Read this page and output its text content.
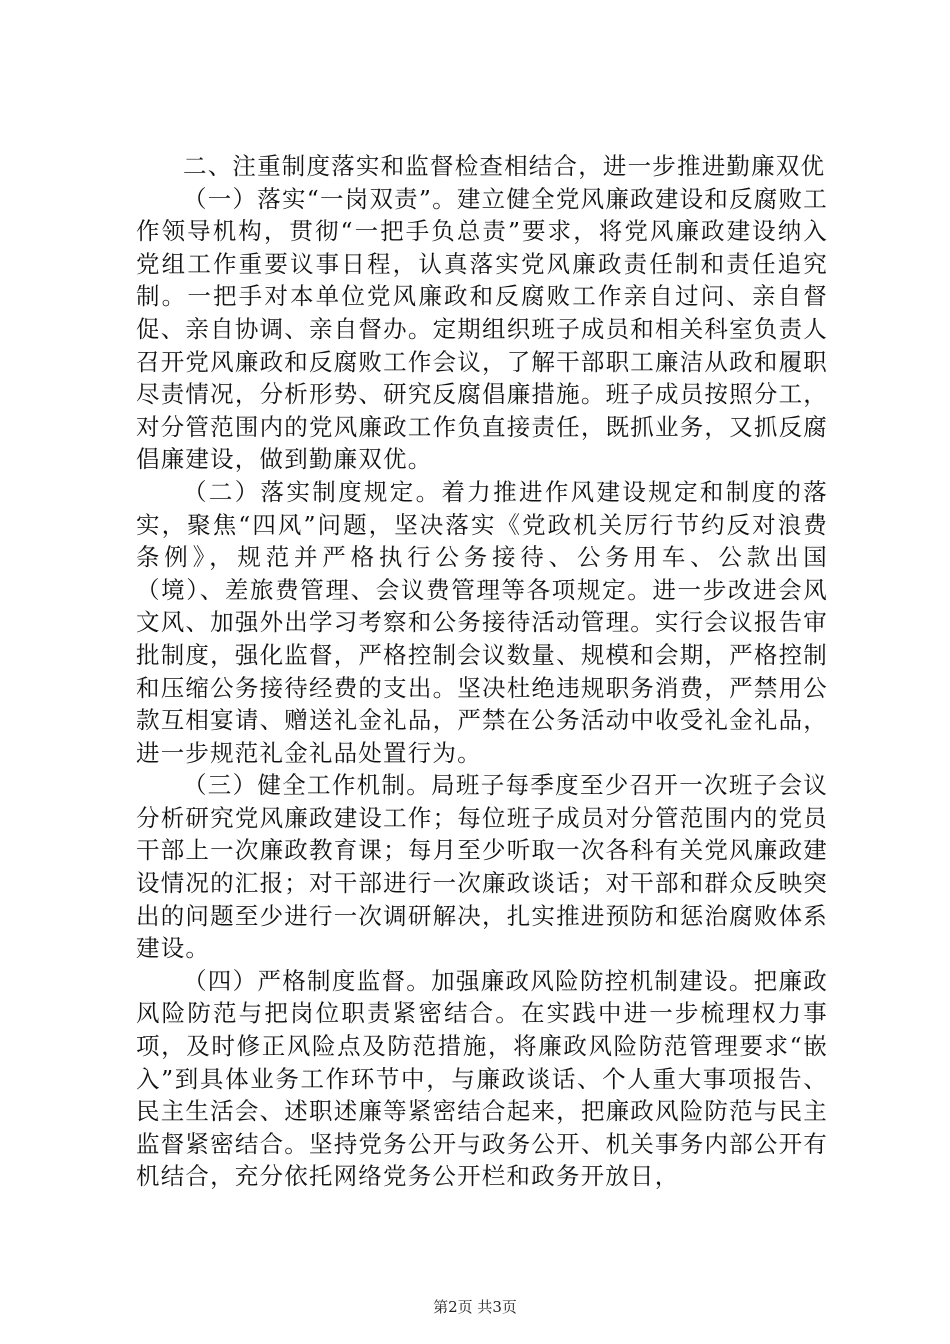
二、注重制度落实和监督检查相结合，进一步推进勤廉双优

（一）落实“一岗双责”。建立健全党风廉政建设和反腐败工作领导机构，贯彻“一把手负总责”要求，将党风廉政建设纳入党组工作重要议事日程，认真落实党风廉政责任制和责任追究制。一把手对本单位党风廉政和反腐败工作亲自过问、亲自督促、亲自协调、亲自督办。定期组织班子成员和相关科室负责人召开党风廉政和反腐败工作会议，了解干部职工廉洁从政和履职尽责情况，分析形势、研究反腐倡廉措施。班子成员按照分工，对分管范围内的党风廉政工作负直接责任，既抓业务，又抓反腐倡廉建设，做到勤廉双优。

（二）落实制度规定。着力推进作风建设规定和制度的落实，聚焦“四风”问题，坚决落实《党政机关厉行节约反对浪费条例》，规范并严格执行公务接待、公务用车、公款出国（境）、差旅费管理、会议费管理等各项规定。进一步改进会风文风、加强外出学习考察和公务接待活动管理。实行会议报告审批制度，强化监督，严格控制会议数量、规模和会期，严格控制和压缩公务接待经费的支出。坚决杜绝违规职务消费，严禁用公款互相宴请、赠送礼金礼品，严禁在公务活动中收受礼金礼品，进一步规范礼金礼品处置行为。

（三）健全工作机制。局班子每季度至少召开一次班子会议分析研究党风廉政建设工作；每位班子成员对分管范围内的党员干部上一次廉政教育课；每月至少听取一次各科有关党风廉政建设情况的汇报；对干部进行一次廉政谈话；对干部和群众反映突出的问题至少进行一次调研解决，扎实推进预防和惩治腐败体系建设。

（四）严格制度监督。加强廉政风险防控机制建设。把廉政风险防范与把岗位职责紧密结合。在实践中进一步梳理权力事项，及时修正风险点及防范措施，将廉政风险防范管理要求“嵌入”到具体业务工作环节中，与廉政谈话、个人重大事项报告、民主生活会、述职述廉等紧密结合起来，把廉政风险防范与民主监督紧密结合。坚持党务公开与政务公开、机关事务内部公开有机结合，充分依托网络党务公开栏和政务开放日，

第2页 共3页
